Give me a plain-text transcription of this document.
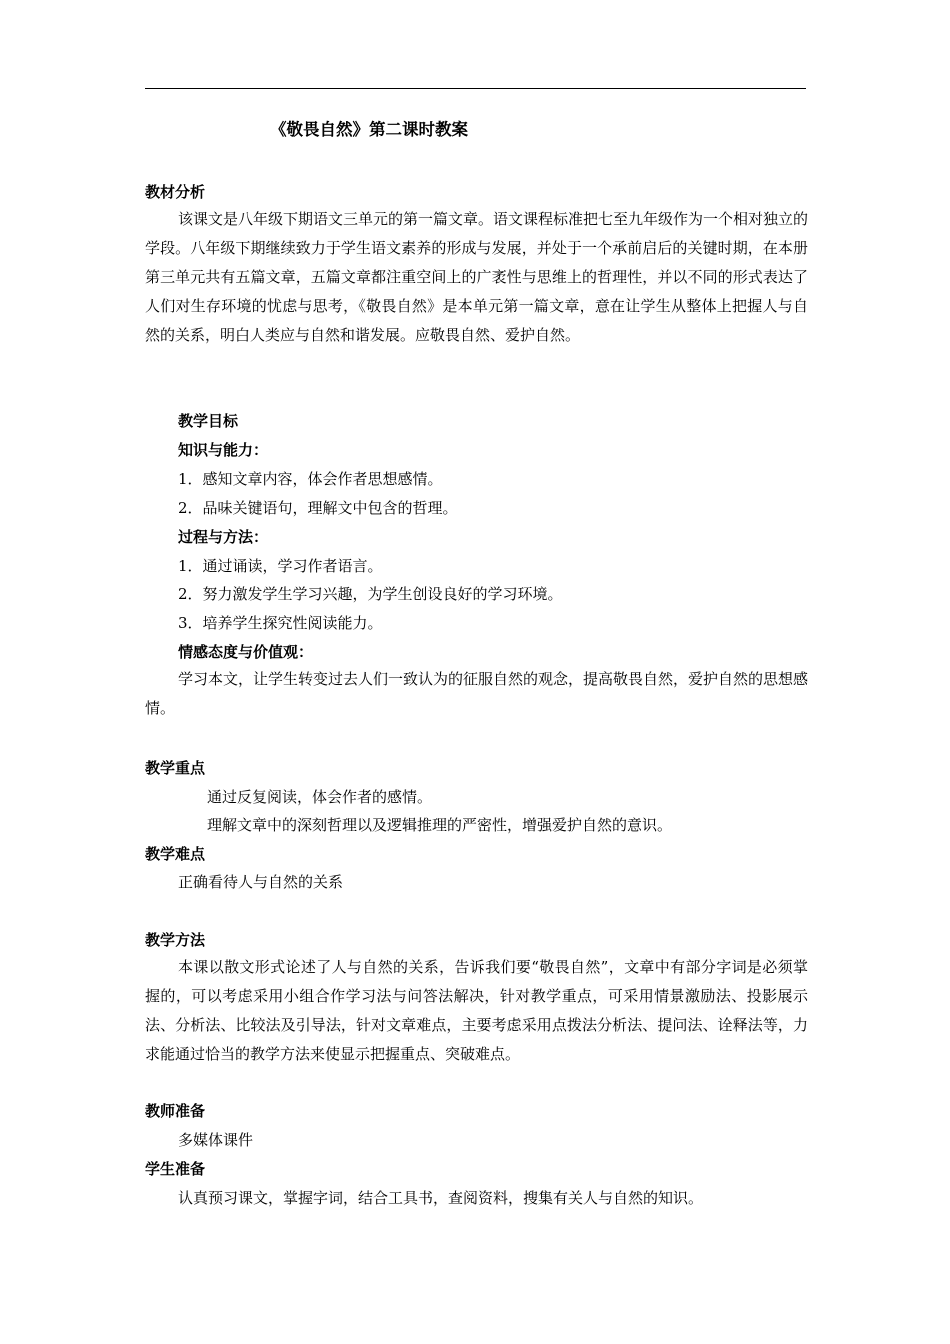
《敬畏自然》第二课时教案
教材分析
该课文是八年级下期语文三单元的第一篇文章。语文课程标准把七至九年级作为一个相对独立的学段。八年级下期继续致力于学生语文素养的形成与发展，并处于一个承前启后的关键时期，在本册第三单元共有五篇文章，五篇文章都注重空间上的广袤性与思维上的哲理性，并以不同的形式表达了人们对生存环境的忧虑与思考，《敬畏自然》是本单元第一篇文章，意在让学生从整体上把握人与自然的关系，明白人类应与自然和谐发展。应敬畏自然、爱护自然。
教学目标
知识与能力：
1．感知文章内容，体会作者思想感情。
2．品味关键语句，理解文中包含的哲理。
过程与方法：
1．通过诵读，学习作者语言。
2．努力激发学生学习兴趣，为学生创设良好的学习环境。
3．培养学生探究性阅读能力。
情感态度与价值观：
学习本文，让学生转变过去人们一致认为的征服自然的观念，提高敬畏自然，爱护自然的思想感情。
教学重点
通过反复阅读，体会作者的感情。
理解文章中的深刻哲理以及逻辑推理的严密性，增强爱护自然的意识。
教学难点
正确看待人与自然的关系
教学方法
本课以散文形式论述了人与自然的关系，告诉我们要“敬畏自然”，文章中有部分字词是必须掌握的，可以考虑采用小组合作学习法与问答法解决，针对教学重点，可采用情景激励法、投影展示法、分析法、比较法及引导法，针对文章难点，主要考虑采用点拨法分析法、提问法、诠释法等，力求能通过恰当的教学方法来使显示把握重点、突破难点。
教师准备
多媒体课件
学生准备
认真预习课文，掌握字词，结合工具书，查阅资料，搜集有关人与自然的知识。
